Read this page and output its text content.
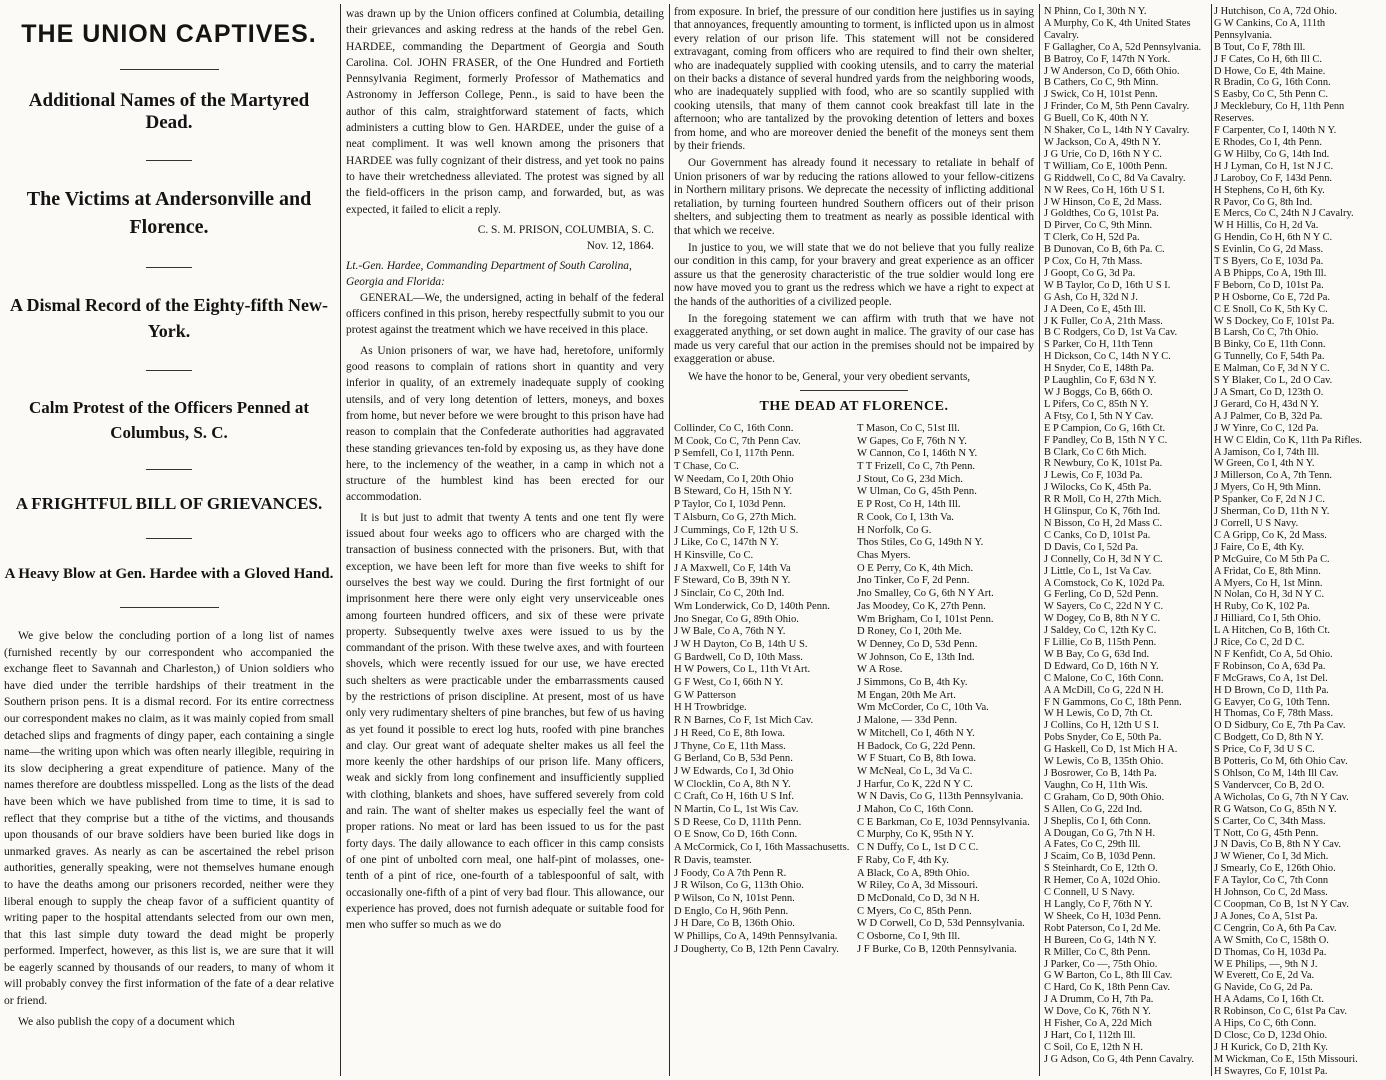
THE UNION CAPTIVES.
Additional Names of the Martyred Dead.
The Victims at Andersonville and Florence.
A Dismal Record of the Eighty-fifth New-York.
Calm Protest of the Officers Penned at Columbus, S. C.
A FRIGHTFUL BILL OF GRIEVANCES.
A Heavy Blow at Gen. Hardee with a Gloved Hand.

We give below the concluding portion of a long list of names (furnished recently by our correspondent who accompanied the exchange fleet to Savannah and Charleston,) of Union soldiers who have died under the terrible hardships of their treatment in the Southern prison pens. It is a dismal record. For its entire correctness our correspondent makes no claim, as it was mainly copied from small detached slips and fragments of dingy paper, each containing a single name—the writing upon which was often nearly illegible, requiring in its slow deciphering a great expenditure of patience. Many of the names therefore are doubtless misspelled. Long as the lists of the dead have been which we have published from time to time, it is sad to reflect that they comprise but a tithe of the victims, and thousands upon thousands of our brave soldiers have been buried like dogs in unmarked graves. As nearly as can be ascertained the rebel prison authorities, generally speaking, were not themselves humane enough to have the deaths among our prisoners recorded, neither were they liberal enough to supply the cheap favor of a sufficient quantity of writing paper to the hospital attendants selected from our own men, that this last simple duty toward the dead might be properly performed. Imperfect, however, as this list is, we are sure that it will be eagerly scanned by thousands of our readers, to many of whom it will probably convey the first information of the fate of a dear relative or friend.

We also publish the copy of a document which

was drawn up by the Union officers confined at Columbia, detailing their grievances and asking redress at the hands of the rebel Gen. HARDEE, commanding the Department of Georgia and South Carolina. Col. JOHN FRASER, of the One Hundred and Fortieth Pennsylvania Regiment, formerly Professor of Mathematics and Astronomy in Jefferson College, Penn., is said to have been the author of this calm, straightforward statement of facts, which administers a cutting blow to Gen. HARDEE, under the guise of a neat compliment. It was well known among the prisoners that HARDEE was fully cognizant of their distress, and yet took no pains to have their wretchedness alleviated. The protest was signed by all the field-officers in the prison camp, and forwarded, but, as was expected, it failed to elicit a reply.

C. S. M. PRISON, COLUMBIA, S. C.

Nov. 12, 1864.

Lt.-Gen. Hardee, Commanding Department of South Carolina, Georgia and Florida:

GENERAL—We, the undersigned, acting in behalf of the federal officers confined in this prison, hereby respectfully submit to you our protest against the treatment which we have received in this place.

As Union prisoners of war, we have had, heretofore, uniformly good reasons to complain of rations short in quantity and very inferior in quality, of an extremely inadequate supply of cooking utensils, and of very long detention of letters, moneys, and boxes from home, but never before we were brought to this prison have had reason to complain that the Confederate authorities had aggravated these standing grievances ten-fold by exposing us, as they have done here, to the inclemency of the weather, in a camp in which not a structure of the humblest kind has been erected for our accommodation.

It is but just to admit that twenty A tents and one tent fly were issued about four weeks ago to officers who are charged with the transaction of business connected with the prisoners. But, with that exception, we have been left for more than five weeks to shift for ourselves the best way we could. During the first fortnight of our imprisonment here there were only eight very unserviceable ones among fourteen hundred officers, and six of these were private property. Subsequently twelve axes were issued to us by the commandant of the prison. With these twelve axes, and with fourteen shovels, which were recently issued for our use, we have erected such shelters as were practicable under the embarrassments caused by the restrictions of prison discipline. At present, most of us have only very rudimentary shelters of pine branches, but few of us having as yet found it possible to erect log huts, roofed with pine branches and clay. Our great want of adequate shelter makes us all feel the more keenly the other hardships of our prison life. Many officers, weak and sickly from long confinement and insufficiently supplied with clothing, blankets and shoes, have suffered severely from cold and rain. The want of shelter makes us especially feel the want of proper rations. No meat or lard has been issued to us for the past forty days. The daily allowance to each officer in this camp consists of one pint of unbolted corn meal, one half-pint of molasses, one-tenth of a pint of rice, one-fourth of a tablespoonful of salt, with occasionally one-fifth of a pint of very bad flour. This allowance, our experience has proved, does not furnish adequate or suitable food for men who suffer so much as we do

from exposure. In brief, the pressure of our condition here justifies us in saying that annoyances, frequently amounting to torment, is inflicted upon us in almost every relation of our prison life. This statement will not be considered extravagant, coming from officers who are required to find their own shelter, who are inadequately supplied with cooking utensils, and to carry the material on their backs a distance of several hundred yards from the neighboring woods, who are inadequately supplied with food, who are so scantily supplied with cooking utensils, that many of them cannot cook breakfast till late in the afternoon; who are tantalized by the provoking detention of letters and boxes from home, and who are moreover denied the benefit of the moneys sent them by their friends.

Our Government has already found it necessary to retaliate in behalf of Union prisoners of war by reducing the rations allowed to your fellow-citizens in Northern military prisons. We deprecate the necessity of inflicting additional retaliation, by turning fourteen hundred Southern officers out of their prison shelters, and subjecting them to treatment as nearly as possible identical with that which we receive.

In justice to you, we will state that we do not believe that you fully realize our condition in this camp, for your bravery and great experience as an officer assure us that the generosity characteristic of the true soldier would long ere now have moved you to grant us the redress which we have a right to expect at the hands of the authorities of a civilized people.

In the foregoing statement we can affirm with truth that we have not exaggerated anything, or set down aught in malice. The gravity of our case has made us very careful that our action in the premises should not be impaired by exaggeration or abuse.

We have the honor to be, General, your very obedient servants,

THE DEAD AT FLORENCE.
Collinder, Co C, 16th Conn.
M Cook, Co C, 7th Penn Cav.
P Semfell, Co I, 117th Penn.
T Chase, Co C.
W Needam, Co I, 20th Ohio
B Steward, Co H, 15th N Y.
P Taylor, Co I, 103d Penn.
T Alsburn, Co G, 27th Mich.
J Cummings, Co F, 12th U S.
J Like, Co C, 147th N Y.
H Kinsville, Co C.
J A Maxwell, Co F, 14th Va
F Steward, Co B, 39th N Y.
J Sinclair, Co C, 20th Ind.
Wm Londerwick, Co D, 140th Penn.
Jno Snegar, Co G, 89th Ohio.
J W Bale, Co A, 76th N Y.
J W H Dayton, Co B, 14th U S.
G Bardwell, Co D, 10th Mass.
H W Powers, Co L, 11th Vt Art.
G F West, Co I, 66th N Y.
G W Patterson
H H Trowbridge.
R N Barnes, Co F, 1st Mich Cav.
J H Reed, Co E, 8th Iowa.
J Thyne, Co E, 11th Mass.
G Berland, Co B, 53d Penn.
J W Edwards, Co I, 3d Ohio
W Clocklin, Co A, 8th N Y.
C Craft, Co H, 16th U S Inf.
N Martin, Co L, 1st Wis Cav.
S D Reese, Co D, 111th Penn.
O E Snow, Co D, 16th Conn.
A McCormick, Co I, 16th Massachusetts.
R Davis, teamster.
J Foody, Co A 7th Penn R.
J R Wilson, Co G, 113th Ohio.
P Wilson, Co N, 101st Penn.
D Englo, Co H, 96th Penn.
J H Dare, Co B, 136th Ohio.
W Phillips, Co A, 149th Pennsylvania.
J Dougherty, Co B, 12th Penn Cavalry.
T Mason, Co C, 51st Ill.
W Gapes, Co F, 76th N Y.
W Cannon, Co I, 146th N Y.
T T Frizell, Co C, 7th Penn.
J Stout, Co G, 23d Mich.
W Ulman, Co G, 45th Penn.
E P Rost, Co H, 14th Ill.
R Cook, Co I, 13th Va.
H Norfolk, Co G.
Thos Stiles, Co G, 149th N Y.
Chas Myers.
O E Perry, Co K, 4th Mich.
Jno Tinker, Co F, 2d Penn.
Jno Smalley, Co G, 6th N Y Art.
Jas Moodey, Co K, 27th Penn.
Wm Brigham, Co I, 101st Penn.
D Roney, Co I, 20th Me.
W Denney, Co D, 53d Penn.
W Johnson, Co E, 13th Ind.
W A Rose.
J Simmons, Co B, 4th Ky.
M Engan, 20th Me Art.
Wm McCorder, Co C, 10th Va.
J Malone, — 33d Penn.
W Mitchell, Co I, 46th N Y.
H Badock, Co G, 22d Penn.
W F Stuart, Co B, 8th Iowa.
W McNeal, Co L, 3d Va C.
J Harfur, Co K, 22d N Y C.
W N Davis, Co G, 113th Pennsylvania.
J Mahon, Co C, 16th Conn.
C E Barkman, Co E, 103d Pennsylvania.
C Murphy, Co K, 95th N Y.
C N Duffy, Co L, 1st D C C.
F Raby, Co F, 4th Ky.
A Black, Co A, 89th Ohio.
W Riley, Co A, 3d Missouri.
D McDonald, Co D, 3d N H.
C Myers, Co C, 85th Penn.
W D Corwell, Co D, 53d Pennsylvania.
C Osborne, Co I, 9th Ill.
J F Burke, Co B, 120th Pennsylvania.
N Phinn, Co I, 30th N Y.
A Murphy, Co K, 4th United States Cavalry.
F Gallagher, Co A, 52d Pennsylvania.
B Batroy, Co F, 147th N York.
J W Anderson, Co D, 66th Ohio.
B Cathers, Co C, 9th Minn.
J Swick, Co H, 101st Penn.
J Frinder, Co M, 5th Penn Cavalry.
G Buell, Co K, 40th N Y.
N Shaker, Co L, 14th N Y Cavalry.
W Jackson, Co A, 49th N Y.
J G Urie, Co D, 16th N Y C.
T William, Co E, 100th Penn.
G Riddwell, Co C, 8d Va Cavalry.
N W Rees, Co H, 16th U S I.
J W Hinson, Co E, 2d Mass.
J Goldthes, Co G, 101st Pa.
D Pirver, Co C, 9th Minn.
T Clerk, Co H, 52d Pa.
B Dunovan, Co B, 6th Pa. C.
P Cox, Co H, 7th Mass.
J Goopt, Co G, 3d Pa.
W B Taylor, Co D, 16th U S I.
G Ash, Co H, 32d N J.
J A Deen, Co E, 45th Ill.
J K Fuller, Co A, 21th Mass.
B C Rodgers, Co D, 1st Va Cav.
S Parker, Co H, 11th Tenn
H Dickson, Co C, 14th N Y C.
H Snyder, Co E, 148th Pa.
P Laughlin, Co F, 63d N Y.
W J Boggs, Co B, 66th O.
L Pifers, Co C, 85th N Y.
A Ftsy, Co I, 5th N Y Cav.
E P Campion, Co G, 16th Ct.
F Pandley, Co B, 15th N Y C.
B Clark, Co C 6th Mich.
R Newbury, Co K, 101st Pa.
J Lewis, Co F, 103d Pa.
J Wilocks, Co K, 45th Pa.
R R Moll, Co H, 27th Mich.
H Glinspur, Co K, 76th Ind.
N Bisson, Co H, 2d Mass C.
C Canks, Co D, 101st Pa.
D Davis, Co I, 52d Pa.
J Connelly, Co H, 3d N Y C.
J Little, Co L, 1st Va Cav.
A Comstock, Co K, 102d Pa.
G Ferling, Co D, 52d Penn.
W Sayers, Co C, 22d N Y C.
W Dogey, Co B, 8th N Y C.
J Saldey, Co C, 12th Ky C.
F Lillie, Co B, 115th Penn.
W B Bay, Co G, 63d Ind.
D Edward, Co D, 16th N Y.
C Malone, Co C, 16th Conn.
A A McDill, Co G, 22d N H.
F N Gammons, Co C, 18th Penn.
W H Lewis, Co D, 7th Ct.
J Collins, Co H, 12th U S I.
Pobs Snyder, Co E, 50th Pa.
G Haskell, Co D, 1st Mich H A.
W Lewis, Co B, 135th Ohio.
J Bosrower, Co B, 14th Pa.
Vaughn, Co H, 11th Wis.
C Graham, Co D, 90th Ohio.
S Allen, Co G, 22d Ind.
J Sheplis, Co I, 6th Conn.
A Dougan, Co G, 7th N H.
A Fates, Co C, 29th Ill.
J Scaim, Co B, 103d Penn.
S Steinhardt, Co E, 12th O.
R Hemer, Co A, 102d Ohio.
C Connell, U S Navy.
H Langly, Co F, 76th N Y.
W Sheek, Co H, 103d Penn.
Robt Paterson, Co I, 2d Me.
H Bureen, Co G, 14th N Y.
R Miller, Co C, 8th Penn.
J Parker, Co —, 75th Ohio.
G W Barton, Co L, 8th Ill Cav.
C Hard, Co K, 18th Penn Cav.
J A Drumm, Co H, 7th Pa.
W Dove, Co K, 76th N Y.
H Fisher, Co A, 22d Mich
J Hart, Co I, 112th Ill.
C Soil, Co E, 12th N H.
J G Adson, Co G, 4th Penn Cavalry.
J Hutchison, Co A, 72d Ohio.
G W Cankins, Co A, 111th Pennsylvania.
B Tout, Co F, 78th Ill.
J F Cates, Co H, 6th Ill C.
D Howe, Co E, 4th Maine.
R Bradin, Co G, 16th Conn.
S Easby, Co C, 5th Penn C.
J Mecklebury, Co H, 11th Penn Reserves.
F Carpenter, Co I, 140th N Y.
E Rhodes, Co I, 4th Penn.
G W Hilby, Co G, 14th Ind.
H J Lyman, Co H, 1st N J C.
J Laroboy, Co F, 143d Penn.
H Stephens, Co H, 6th Ky.
R Pavor, Co G, 8th Ind.
E Mercs, Co C, 24th N J Cavalry.
W H Hillis, Co H, 2d Va.
G Hendin, Co H, 6th N Y C.
S Evinlin, Co G, 2d Mass.
T S Byers, Co E, 103d Pa.
A B Phipps, Co A, 19th Ill.
F Beborn, Co D, 101st Pa.
P H Osborne, Co E, 72d Pa.
C E Snoll, Co K, 5th Ky C.
W S Dockey, Co F, 101st Pa.
B Larsh, Co C, 7th Ohio.
B Binky, Co E, 11th Conn.
G Tunnelly, Co F, 54th Pa.
E Malman, Co F, 3d N Y C.
S Y Blaker, Co L, 2d O Cav.
J A Smart, Co D, 123th O.
J Gerard, Co H, 43d N Y.
A J Palmer, Co B, 32d Pa.
J W Yinre, Co C, 12d Pa.
H W C Eldin, Co K, 11th Pa Rifles.
A Jamison, Co I, 74th Ill.
W Green, Co I, 4th N Y.
J Millerson, Co A, 7th Tenn.
J Myers, Co H, 9th Minn.
P Spanker, Co F, 2d N J C.
J Sherman, Co D, 11th N Y.
J Correll, U S Navy.
C A Gripp, Co K, 2d Mass.
J Faire, Co E, 4th Ky.
P McGuire, Co M 5th Pa C.
A Fridat, Co E, 8th Minn.
A Myers, Co H, 1st Minn.
N Nolan, Co H, 3d N Y C.
H Ruby, Co K, 102 Pa.
J Hilliard, Co I, 5th Ohio.
L A Hitchen, Co B, 16th Ct.
J Rice, Co C, 2d D C.
N F Kenfidt, Co A, 5d Ohio.
F Robinson, Co A, 63d Pa.
F McGraws, Co A, 1st Del.
H D Brown, Co D, 11th Pa.
G Eavyer, Co G, 10th Tenn.
H Thomas, Co F, 78th Mass.
O D Sidbury, Co E, 7th Pa Cav.
C Bodgett, Co D, 8th N Y.
S Price, Co F, 3d U S C.
B Potteris, Co M, 6th Ohio Cav.
S Ohlson, Co M, 14th Ill Cav.
S Vandervcer, Co B, 2d O.
A Wicholas, Co G, 7th N Y Cav.
R G Watson, Co G, 85th N Y.
S Carter, Co C, 34th Mass.
T Nott, Co G, 45th Penn.
J N Davis, Co B, 8th N Y Cav.
J W Wiener, Co I, 3d Mich.
J Smearly, Co E, 126th Ohio.
F A Taylor, Co C, 7th Conn
H Johnson, Co C, 2d Mass.
C Coopman, Co B, 1st N Y Cav.
J A Jones, Co A, 51st Pa.
C Cengrin, Co A, 6th Pa Cav.
A W Smith, Co C, 158th O.
D Thomas, Co H, 103d Pa.
W E Philips, —, 9th N J.
W Everett, Co E, 2d Va.
G Navide, Co G, 2d Pa.
H A Adams, Co I, 16th Ct.
R Robinson, Co C, 61st Pa Cav.
A Hips, Co C, 6th Conn.
D Closc, Co D, 123d Ohio.
J H Kurick, Co D, 21th Ky.
M Wickman, Co E, 15th Missouri.
H Swayres, Co F, 101st Pa.
